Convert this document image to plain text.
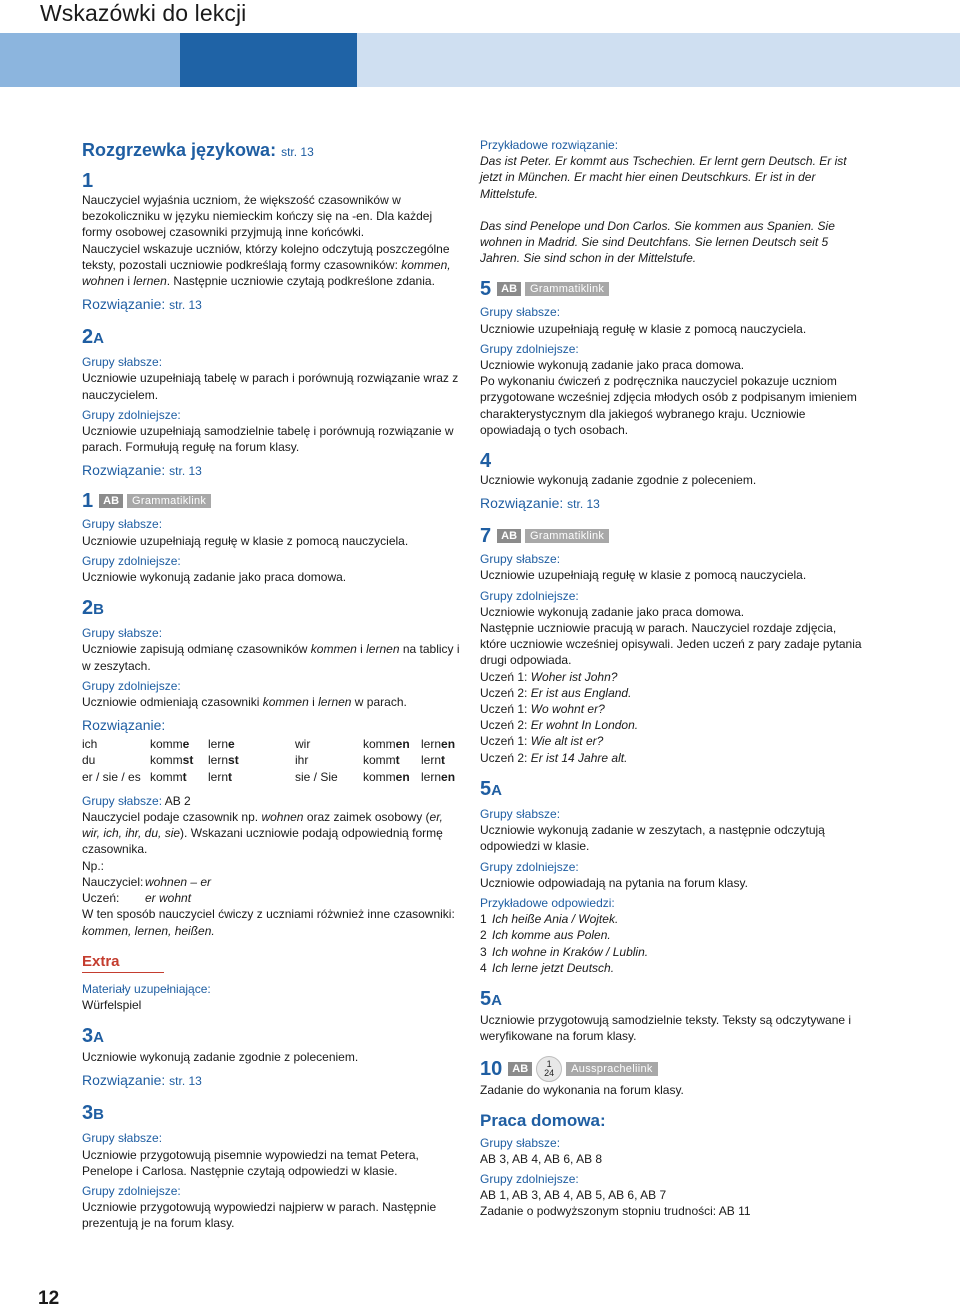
Wskazówki do lekcji
Rozgrzewka językowa: str. 13
1

Nauczyciel wyjaśnia uczniom, że większość czasowników w bezokoliczniku w języku niemieckim kończy się na -en. Dla każdej formy osobowej czasowniki przyjmują inne końcówki.

Nauczyciel wskazuje uczniów, którzy kolejno odczytują poszczególne teksty, pozostali uczniowie podkreślają formy czasowników: kommen, wohnen i lernen. Następnie uczniowie czytają podkreślone zdania.

Rozwiązanie: str. 13
2A
Grupy słabsze:

Uczniowie uzupełniają tabelę w parach i porównują rozwiązanie wraz z nauczycielem.

Grupy zdolniejsze:

Uczniowie uzupełniają samodzielnie tabelę i porównują rozwiązanie w parach. Formułują regułę na forum klasy.

Rozwiązanie: str. 13
1 AB	Grammatiklink
Grupy słabsze:

Uczniowie uzupełniają regułę w klasie z pomocą nauczyciela.

Grupy zdolniejsze:

Uczniowie wykonują zadanie jako praca domowa.

2B
Grupy słabsze:

Uczniowie zapisują odmianę czasowników kommen i lernen na tablicy i w zeszytach.

Grupy zdolniejsze:

Uczniowie odmieniają czasowniki kommen i lernen w parach.

Rozwiązanie:
ich	komme	lerne	wir	kommen	lernen
du	kommst	lernst	ihr	kommt	lernt
er / sie / es	kommt	lernt	sie / Sie	kommen	lernen
Grupy słabsze: AB 2

Nauczyciel podaje czasownik np. wohnen oraz zaimek osobowy (er, wir, ich, ihr, du, sie). Wskazani uczniowie podają odpowiednią formę czasownika.

Np.:

Nauczyciel: wohnen – er

Uczeń: er wohnt

W ten sposób nauczyciel ćwiczy z uczniami różwnież inne czasowniki: kommen, lernen, heißen.

Extra
Materiały uzupełniające:

Würfelspiel

3A

Uczniowie wykonują zadanie zgodnie z poleceniem.

Rozwiązanie: str. 13
3B
Grupy słabsze:

Uczniowie przygotowują pisemnie wypowiedzi na temat Petera, Penelope i Carlosa. Następnie czytają odpowiedzi w klasie.

Grupy zdolniejsze:

Uczniowie przygotowują wypowiedzi najpierw w parach. Następnie prezentują je na forum klasy.

Przykładowe rozwiązanie:

Das ist Peter. Er kommt aus Tschechien. Er lernt gern Deutsch. Er ist jetzt in München. Er macht hier einen Deutschkurs. Er ist in der Mittelstufe.

Das sind Penelope und Don Carlos. Sie kommen aus Spanien. Sie wohnen in Madrid. Sie sind Deutchfans. Sie lernen Deutsch seit 5 Jahren. Sie sind schon in der Mittelstufe.

5 AB	Grammatiklink
Grupy słabsze:

Uczniowie uzupełniają regułę w klasie z pomocą nauczyciela.

Grupy zdolniejsze:

Uczniowie wykonują zadanie jako praca domowa.

Po wykonaniu ćwiczeń z podręcznika nauczyciel pokazuje uczniom przygotowane wcześniej zdjęcia młodych osób z podpisanym imieniem charakterystycznym dla jakiegoś wybranego kraju. Uczniowie opowiadają o tych osobach.

4

Uczniowie wykonują zadanie zgodnie z poleceniem.

Rozwiązanie: str. 13
7 AB	Grammatiklink
Grupy słabsze:

Uczniowie uzupełniają regułę w klasie z pomocą nauczyciela.

Grupy zdolniejsze:

Uczniowie wykonują zadanie jako praca domowa.

Następnie uczniowie pracują w parach. Nauczyciel rozdaje zdjęcia, które uczniowie wcześniej opisywali. Jeden uczeń z pary zadaje pytania drugi odpowiada.

Uczeń 1: Woher ist John?

Uczeń 2: Er ist aus England.

Uczeń 1: Wo wohnt er?

Uczeń 2: Er wohnt In London.

Uczeń 1: Wie alt ist er?

Uczeń 2: Er ist 14 Jahre alt.

5A
Grupy słabsze:

Uczniowie wykonują zadanie w zeszytach, a następnie odczytują odpowiedzi w klasie.

Grupy zdolniejsze:

Uczniowie odpowiadają na pytania na forum klasy.

Przykładowe odpowiedzi:

1 Ich heiße Ania / Wojtek.

2 Ich komme aus Polen.

3 Ich wohne in Kraków / Lublin.

4 Ich lerne jetzt Deutsch.

5A

Uczniowie przygotowują samodzielnie teksty. Teksty są odczytywane i weryfikowane na forum klasy.

10 AB	1
24	Ausspracheliink

Zadanie do wykonania na forum klasy.

Praca domowa:
Grupy słabsze:

AB 3, AB 4, AB 6, AB 8

Grupy zdolniejsze:

AB 1, AB 3, AB 4, AB 5, AB 6, AB 7

Zadanie o podwyższonym stopniu trudności: AB 11

12
